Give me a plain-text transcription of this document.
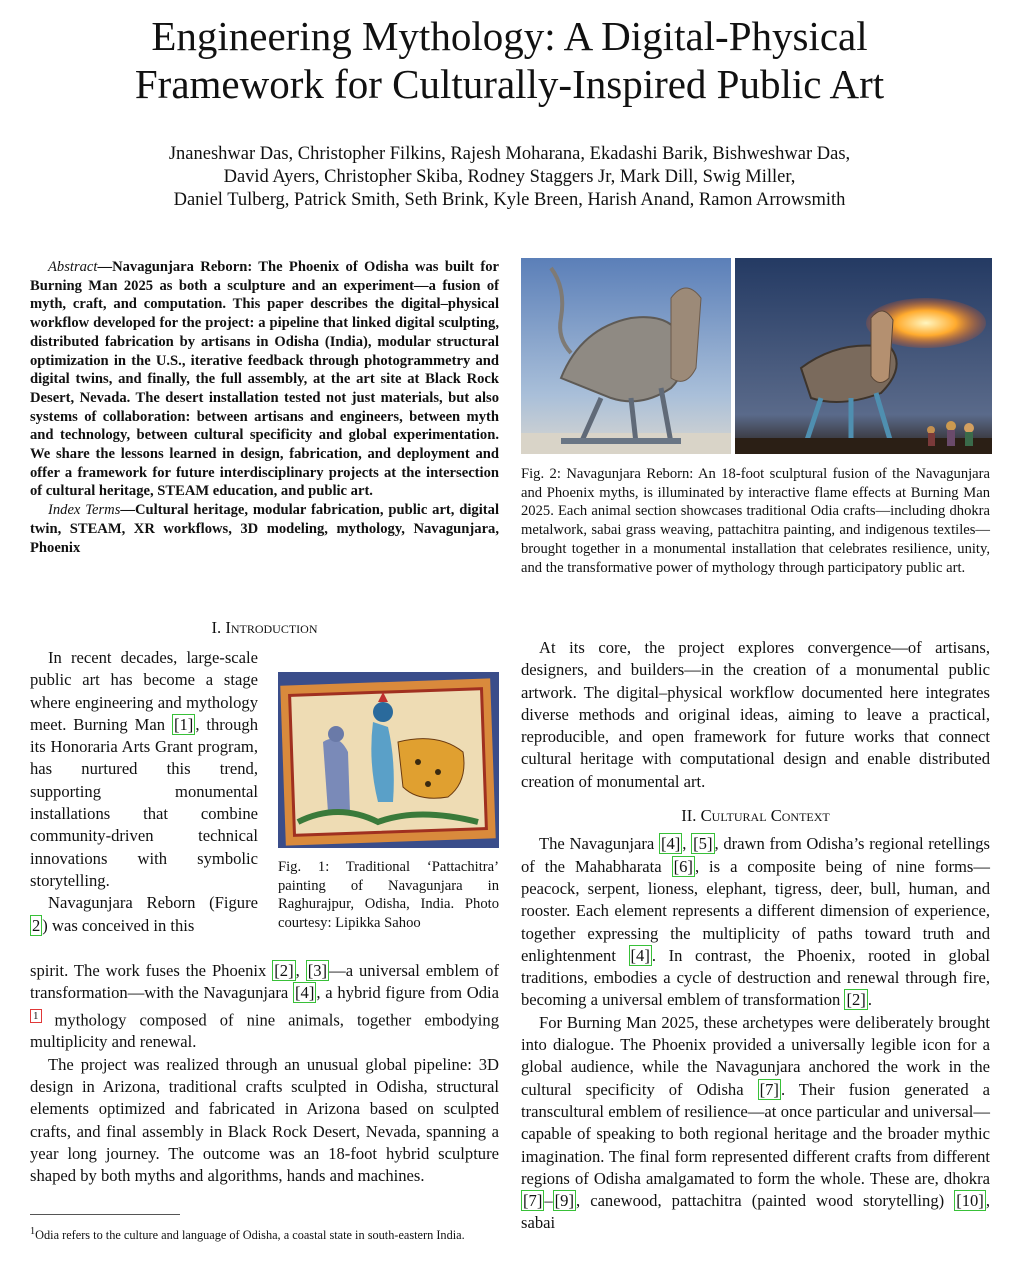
Engineering Mythology: A Digital-Physical
Framework for Culturally-Inspired Public Art
Jnaneshwar Das, Christopher Filkins, Rajesh Moharana, Ekadashi Barik, Bishweshwar Das,
David Ayers, Christopher Skiba, Rodney Staggers Jr, Mark Dill, Swig Miller,
Daniel Tulberg, Patrick Smith, Seth Brink, Kyle Breen, Harish Anand, Ramon Arrowsmith

Abstract—Navagunjara Reborn: The Phoenix of Odisha was built for Burning Man 2025 as both a sculpture and an experiment—a fusion of myth, craft, and computation. This paper describes the digital–physical workflow developed for the project: a pipeline that linked digital sculpting, distributed fabrication by artisans in Odisha (India), modular structural optimization in the U.S., iterative feedback through photogrammetry and digital twins, and finally, the full assembly, at the art site at Black Rock Desert, Nevada. The desert installation tested not just materials, but also systems of collaboration: between artisans and engineers, between myth and technology, between cultural specificity and global experimentation. We share the lessons learned in design, fabrication, and deployment and offer a framework for future interdisciplinary projects at the intersection of cultural heritage, STEAM education, and public art.

Index Terms—Cultural heritage, modular fabrication, public art, digital twin, STEAM, XR workflows, 3D modeling, mythology, Navagunjara, Phoenix

Fig. 2: Navagunjara Reborn: An 18-foot sculptural fusion of the Navagunjara and Phoenix myths, is illuminated by interactive flame effects at Burning Man 2025. Each animal section showcases traditional Odia crafts—including dhokra metalwork, sabai grass weaving, pattachitra painting, and indigenous textiles—brought together in a monumental installation that celebrates resilience, unity, and the transformative power of mythology through participatory public art.

I. Introduction

In recent decades, large-scale public art has become a stage where engineering and mythology meet. Burning Man [1] , through its Honoraria Arts Grant program, has nurtured this trend, supporting monumental installations that combine community-driven technical innovations with symbolic storytelling.

Navagunjara Reborn (Figure 2 ) was conceived in this

Fig. 1: Traditional ‘Pattachitra’ painting of Navagunjara in Raghurajpur, Odisha, India. Photo courtesy: Lipikka Sahoo

spirit. The work fuses the Phoenix [2] , [3] —a universal emblem of transformation—with the Navagunjara [4] , a hybrid figure from Odia $^1$ mythology composed of nine animals, together embodying multiplicity and renewal.

The project was realized through an unusual global pipeline: 3D design in Arizona, traditional crafts sculpted in Odisha, structural elements optimized and fabricated in Arizona based on sculpted crafts, and final assembly in Black Rock Desert, Nevada, spanning a year long journey. The outcome was an 18-foot hybrid sculpture shaped by both myths and algorithms, hands and machines.

$^1$Odia refers to the culture and language of Odisha, a coastal state in south-eastern India.

At its core, the project explores convergence—of artisans, designers, and builders—in the creation of a monumental public artwork. The digital–physical workflow documented here integrates diverse methods and original ideas, aiming to leave a practical, reproducible, and open framework for future works that connect cultural heritage with computational design and enable distributed creation of monumental art.

II. Cultural Context

The Navagunjara [4] , [5] , drawn from Odisha’s regional retellings of the Mahabharata [6] , is a composite being of nine forms—peacock, serpent, lioness, elephant, tigress, deer, bull, human, and rooster. Each element represents a different dimension of experience, together expressing the multiplicity of paths toward truth and enlightenment [4] . In contrast, the Phoenix, rooted in global traditions, embodies a cycle of destruction and renewal through fire, becoming a universal emblem of transformation [2] .

For Burning Man 2025, these archetypes were deliberately brought into dialogue. The Phoenix provided a universally legible icon for a global audience, while the Navagunjara anchored the work in the cultural specificity of Odisha [7] . Their fusion generated a transcultural emblem of resilience—at once particular and universal—capable of speaking to both regional heritage and the broader mythic imagination. The final form represented different crafts from different regions of Odisha amalgamated to form the whole. These are, dhokra [7] – [9] , canewood, pattachitra (painted wood storytelling) [10] , sabai
